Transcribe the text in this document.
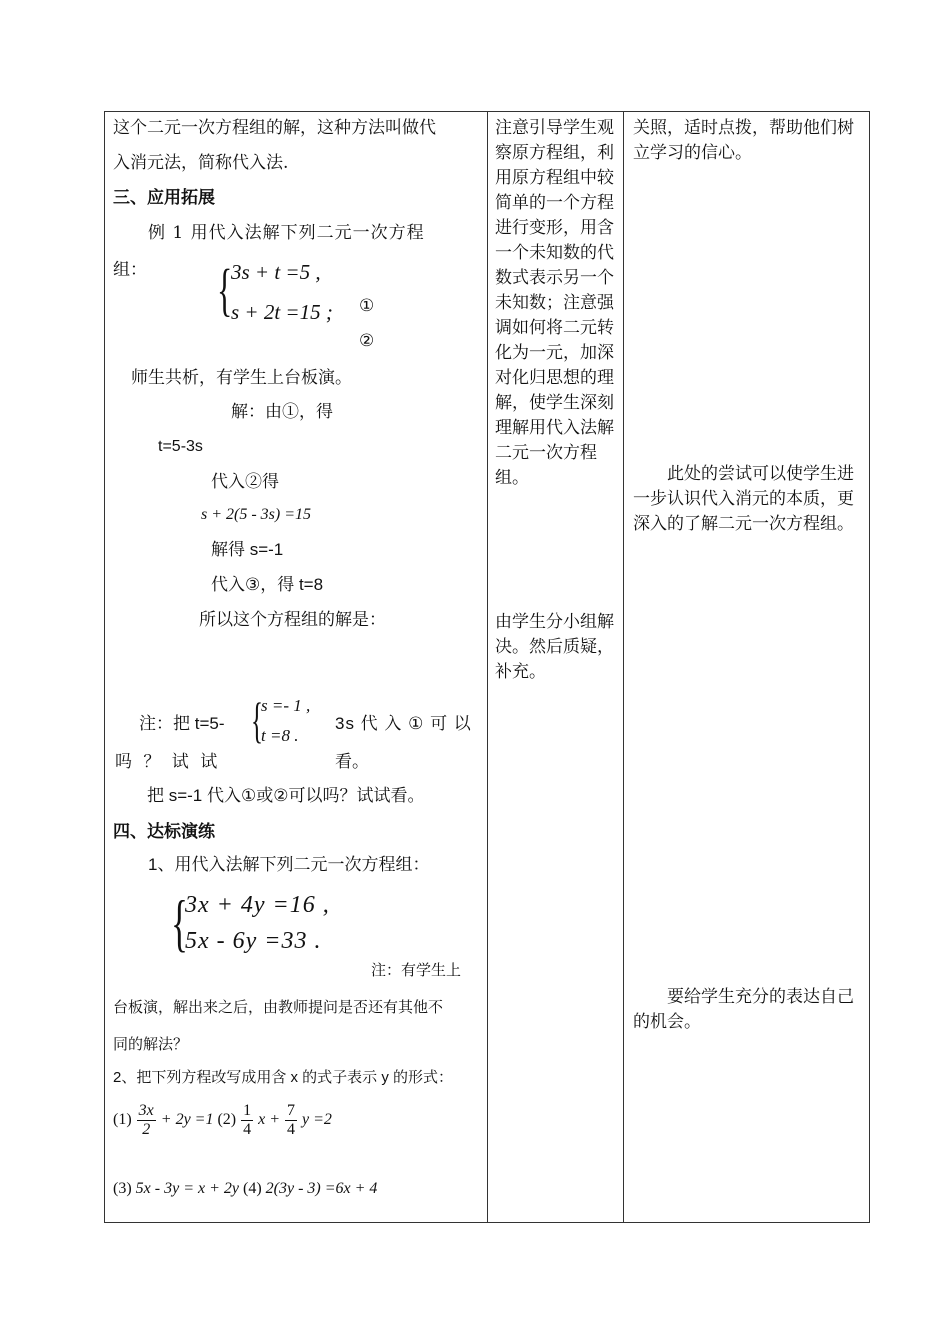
这个二元一次方程组的解，这种方法叫做代
入消元法，简称代入法.
三、应用拓展
例 1 用代入法解下列二元一次方程
组： {
3s + t =5 ,
s + 2t =15 ; ①
②
师生共析，有学生上台板演。
解：由①，得
t=5-3s
代入②得
s + 2(5 - 3s) =15
解得 s=-1
代入③，得 t=8
所以这个方程组的解是：
{
s =- 1 ,
t =8 .
注：把 t=5-	3s 代 入 ① 可 以
吗 ？ 试 试	看。
把 s=-1 代入①或②可以吗？试试看。
四、达标演练
1、用代入法解下列二元一次方程组：
{
3x + 4y =16 ,
5x - 6y =33 .
注：有学生上
台板演，解出来之后，由教师提问是否还有其他不
同的解法？
2、把下列方程改写成用含 x 的式子表示 y 的形式：
$(1) \frac{3x}{2} + 2y =1$ $(2) \frac{1}{4}$ $x + \frac{7}{4}$ y =2
(3) 5x - 3y = x + 2y (4) 2(3y - 3) =6x + 4
注意引导学生观察原方程组，利用原方程组中较简单的一个方程进行变形，用含一个未知数的代数式表示另一个未知数；注意强调如何将二元转化为一元，加深对化归思想的理解，使学生深刻理解用代入法解二元一次方程组。
由学生分小组解决。然后质疑，补充。
关照，适时点拨，帮助他们树立学习的信心。
此处的尝试可以使学生进一步认识代入消元的本质，更深入的了解二元一次方程组。
要给学生充分的表达自己的机会。
